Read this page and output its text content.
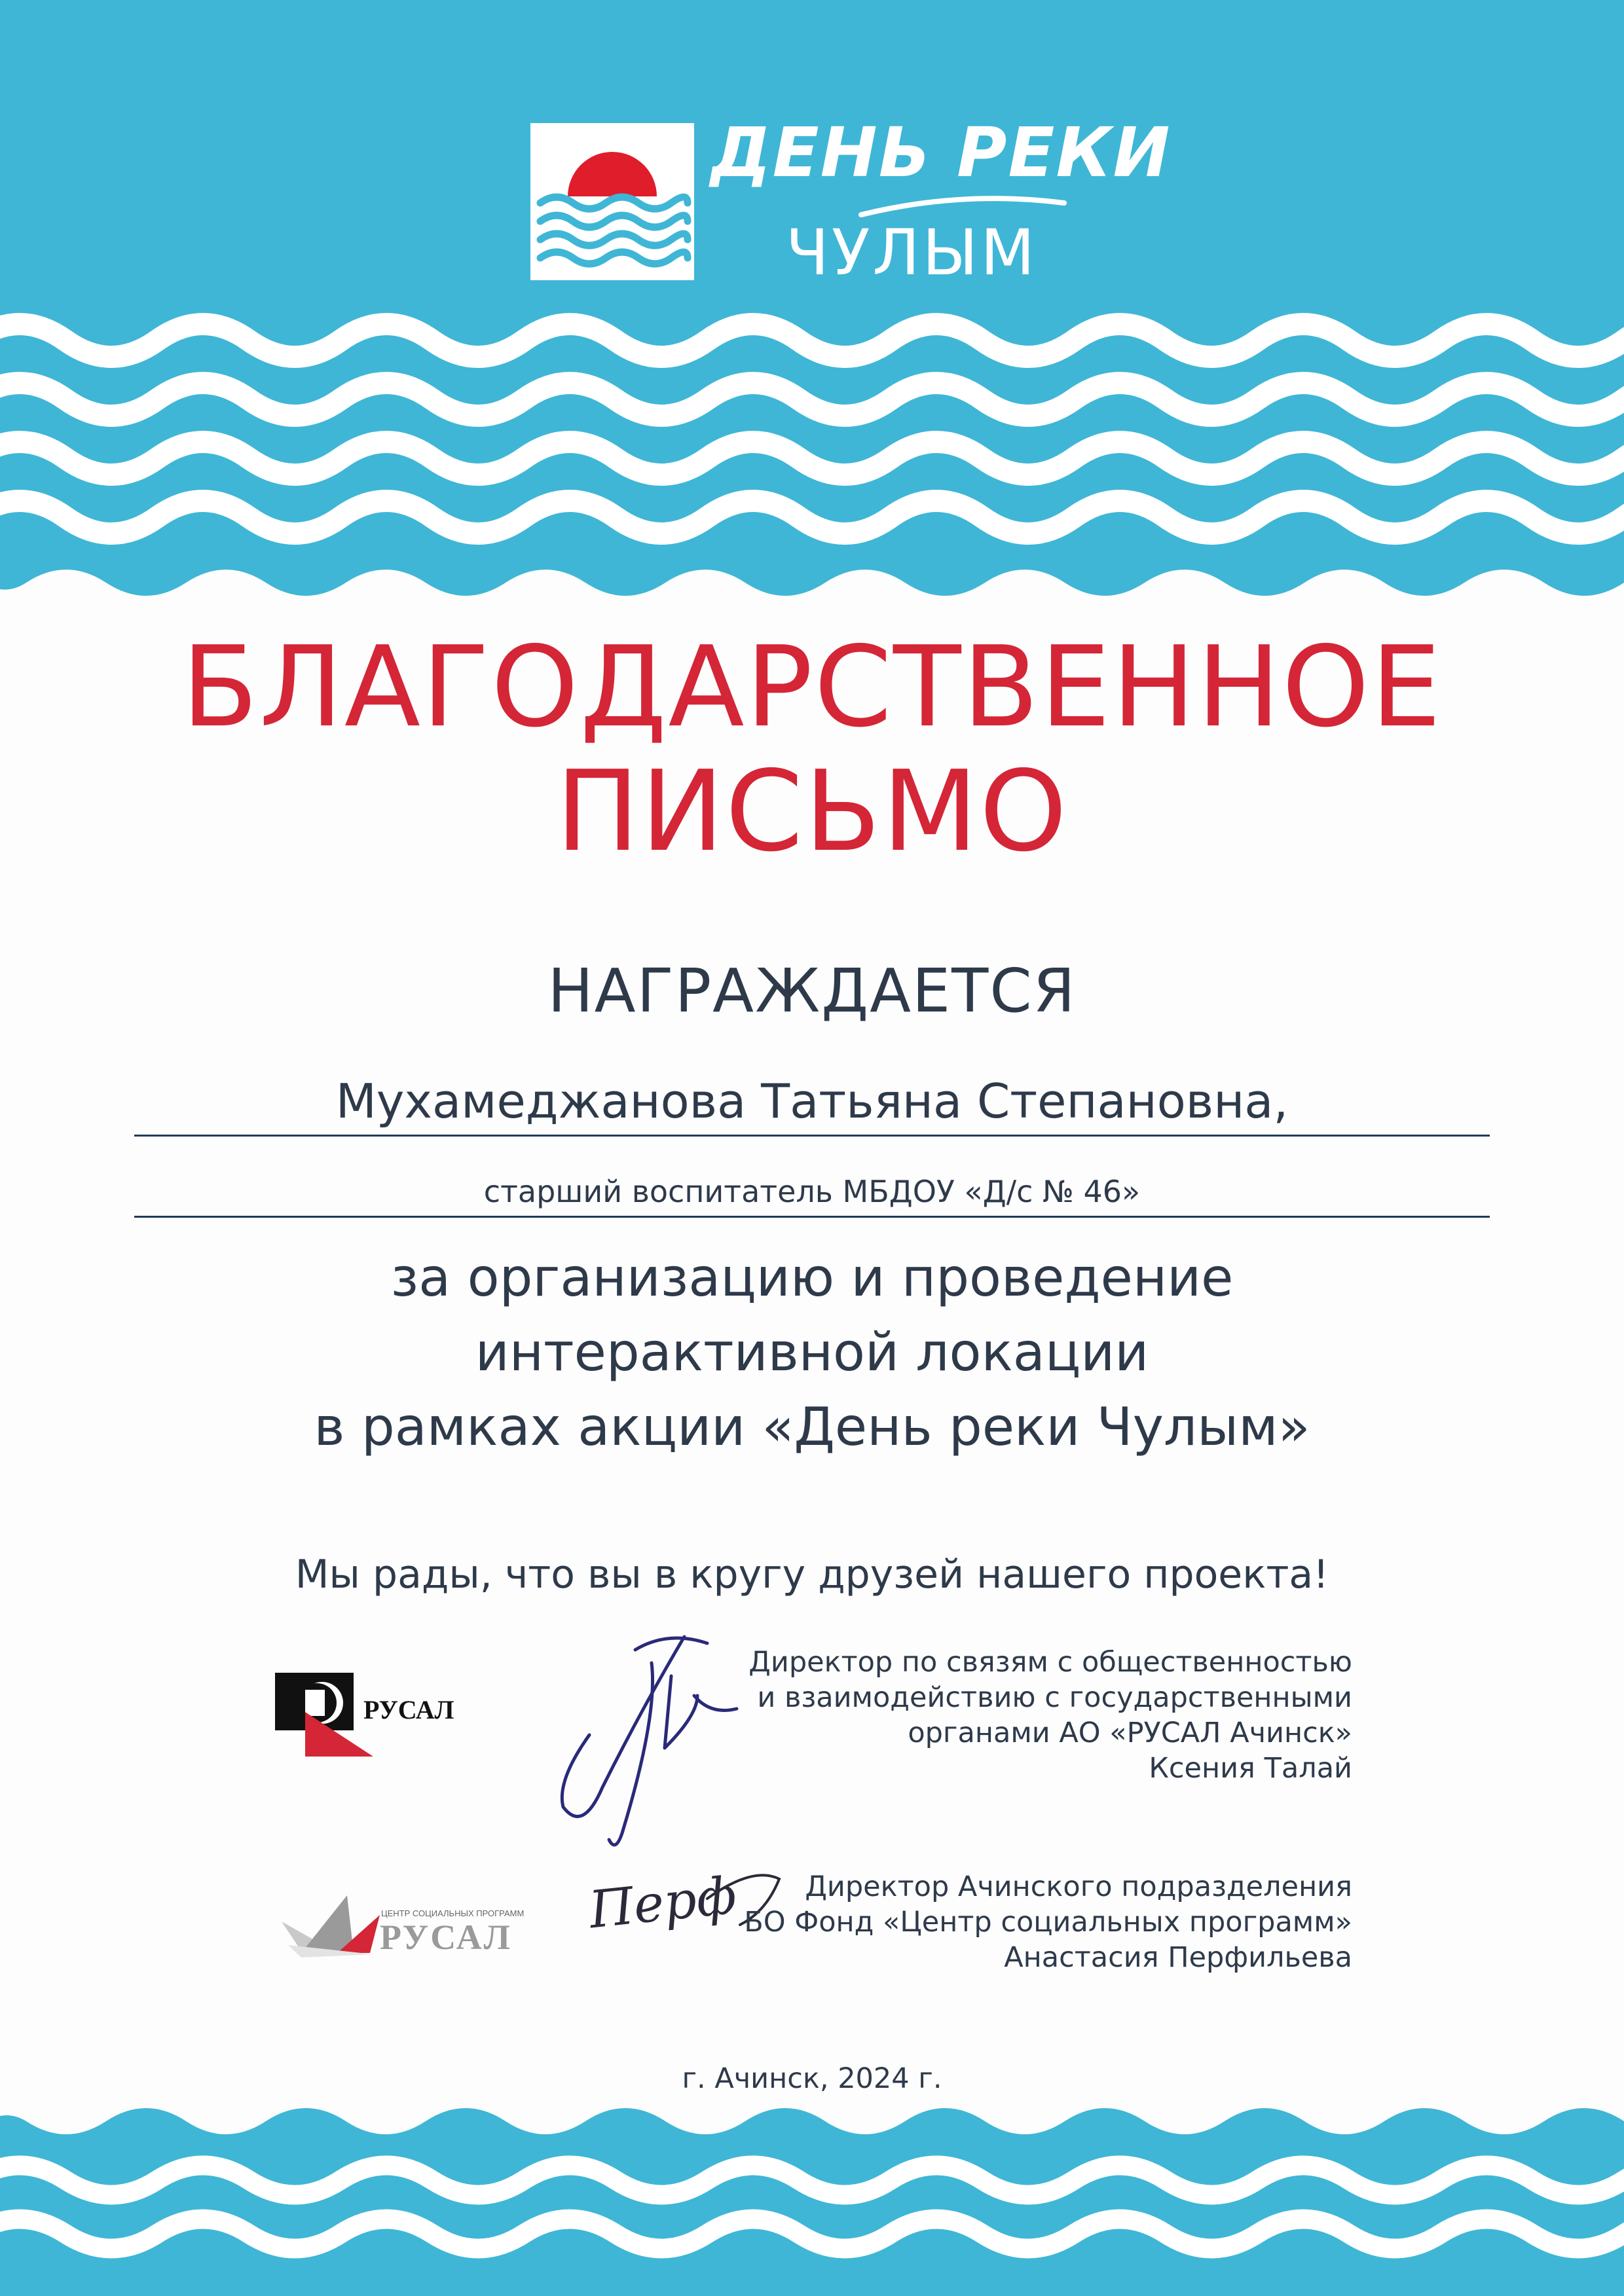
ДЕНЬ РЕКИ
ЧУЛЫМ
БЛАГОДАРСТВЕННОЕ
ПИСЬМО
НАГРАЖДАЕТСЯ
Мухамеджанова Татьяна Степановна,
старший воспитатель МБДОУ «Д/с № 46»
за организацию и проведение
интерактивной локации
в рамках акции «День реки Чулым»
Мы рады, что вы в кругу друзей нашего проекта!
РУСАЛ
ЦЕНТР СОЦИАЛЬНЫХ ПРОГРАММ
РУСАЛ Перф
Директор по связям с общественностью
и взаимодействию с государственными
органами АО «РУСАЛ Ачинск»
Ксения Талай
Директор Ачинского подразделения
БО Фонд «Центр социальных программ»
Анастасия Перфильева
г. Ачинск, 2024 г.
